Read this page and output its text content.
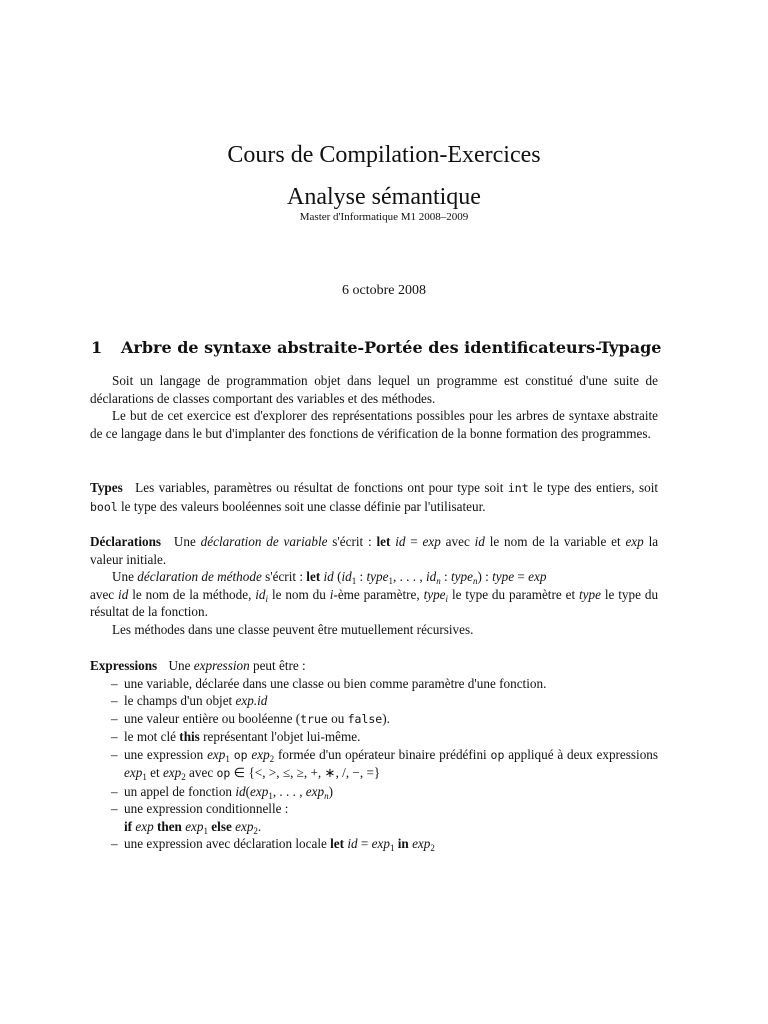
Cours de Compilation-Exercices
Analyse sémantique
Master d'Informatique M1 2008–2009
6 octobre 2008
1 Arbre de syntaxe abstraite-Portée des identificateurs-Typage

Soit un langage de programmation objet dans lequel un programme est constitué d'une suite de déclarations de classes comportant des variables et des méthodes.

Le but de cet exercice est d'explorer des représentations possibles pour les arbres de syntaxe abstraite de ce langage dans le but d'implanter des fonctions de vérification de la bonne formation des programmes.

Types Les variables, paramètres ou résultat de fonctions ont pour type soit int le type des entiers, soit bool le type des valeurs booléennes soit une classe définie par l'utilisateur.

Déclarations Une déclaration de variable s'écrit : let id = exp avec id le nom de la variable et exp la valeur initiale.

Une déclaration de méthode s'écrit : let id ($id_1$ : type$_1$, . . . , $id_n$ : type$_n$) : type = exp

avec id le nom de la méthode, $id_i$ le nom du i-ème paramètre, type$_i$ le type du paramètre et type le type du résultat de la fonction.

Les méthodes dans une classe peuvent être mutuellement récursives.

Expressions Une expression peut être :

– une variable, déclarée dans une classe ou bien comme paramètre d'une fonction.
– le champs d'un objet exp.id
– une valeur entière ou booléenne (true ou false).
– le mot clé this représentant l'objet lui-même.
– une expression $\exp_1$ op $\exp_2$ formée d'un opérateur binaire prédéfini op appliqué à deux expressions $\exp_1$ et $\exp_2$ avec op ∈ {<, >, ≤, ≥, +, ∗, /, −, =}
– un appel de fonction $id(\exp_1$, . . . , $\exp_n$)
– une expression conditionnelle :
if exp then $\exp_1$ else $\exp_2$.
– une expression avec déclaration locale let id = $\exp_1$ in $\exp_2$
